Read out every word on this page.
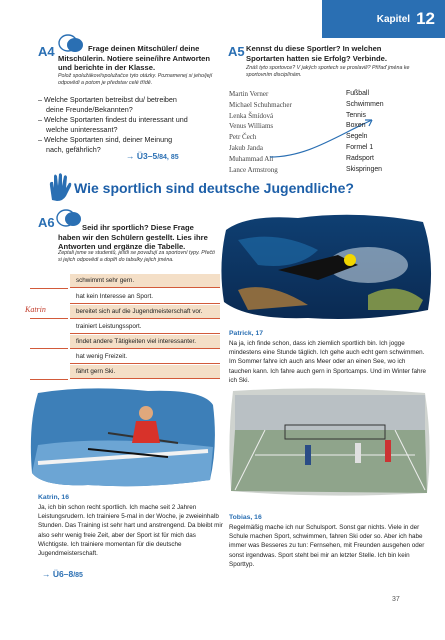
Kapitel 12
A4	Frage deinen Mitschüler/ deine Mitschülerin. Notiere seine/ihre Antworten und berichte in der Klasse.
Polož spolužákovi/spolužačce tyto otázky. Poznamenej si jeho/její odpovědi a potom je představ celé třídě.
– Welche Sportarten betreibst du/ betreiben deine Freunde/Bekannten?
– Welche Sportarten findest du interessant und welche uninteressant?
– Welche Sportarten sind, deiner Meinung nach, gefährlich?
→ Ü3–5/84, 85
A5 Kennst du diese Sportler? In welchen Sportarten hatten sie Erfolg? Verbinde.
Znáš tyto sportovce? V jakých sportech se proslavili? Přiřaď jména ke sportovním disciplínám.
Martin Verner
Michael Schuhmacher
Lenka Šmídová
Venus Williams
Petr Čech
Jakub Janda
Muhammad Ali
Lance Armstrong
Fußball
Schwimmen
Tennis
Boxen
Segeln
Formel 1
Radsport
Skispringen
Wie sportlich sind deutsche Jugendliche?
A6	Seid ihr sportlich? Diese Frage haben wir den Schülern gestellt. Lies ihre Antworten und ergänze die Tabelle.
Zeptali jsme se studentů, jestli se považují za sportovní typy. Přečti si jejich odpovědi a doplň do tabulky jejich jména.
Katrin
schwimmt sehr gern.
hat kein Interesse an Sport.
bereitet sich auf die Jugendmeisterschaft vor.
trainiert Leistungssport.
findet andere Tätigkeiten viel interessanter.
hat wenig Freizeit.
fährt gern Ski.
Patrick, 17
Na ja, ich finde schon, dass ich ziemlich sportlich bin. Ich jogge mindestens eine Stunde täglich. Ich gehe auch echt gern schwimmen. Im Sommer fahre ich auch ans Meer oder an einen See, wo ich tauchen kann. Ich fahre auch gern in Sportcamps. Und im Winter fahre ich Ski.
Katrin, 16
Ja, ich bin schon recht sportlich. Ich mache seit 2 Jahren Leistungsrudern. Ich trainiere 5-mal in der Woche, je zweieinhalb Stunden. Das Training ist sehr hart und anstrengend. Da bleibt mir also sehr wenig freie Zeit, aber der Sport ist für mich das Wichtigste. Ich trainiere momentan für die deutsche Jugendmeisterschaft.
→ Ü6–8/85
Tobias, 16
Regelmäßig mache ich nur Schulsport. Sonst gar nichts. Viele in der Schule machen Sport, schwimmen, fahren Ski oder so. Aber ich habe immer was Besseres zu tun: Fernsehen, mit Freunden ausgehen oder sonst irgendwas. Sport steht bei mir an letzter Stelle. Ich bin kein Sporttyp.
37
